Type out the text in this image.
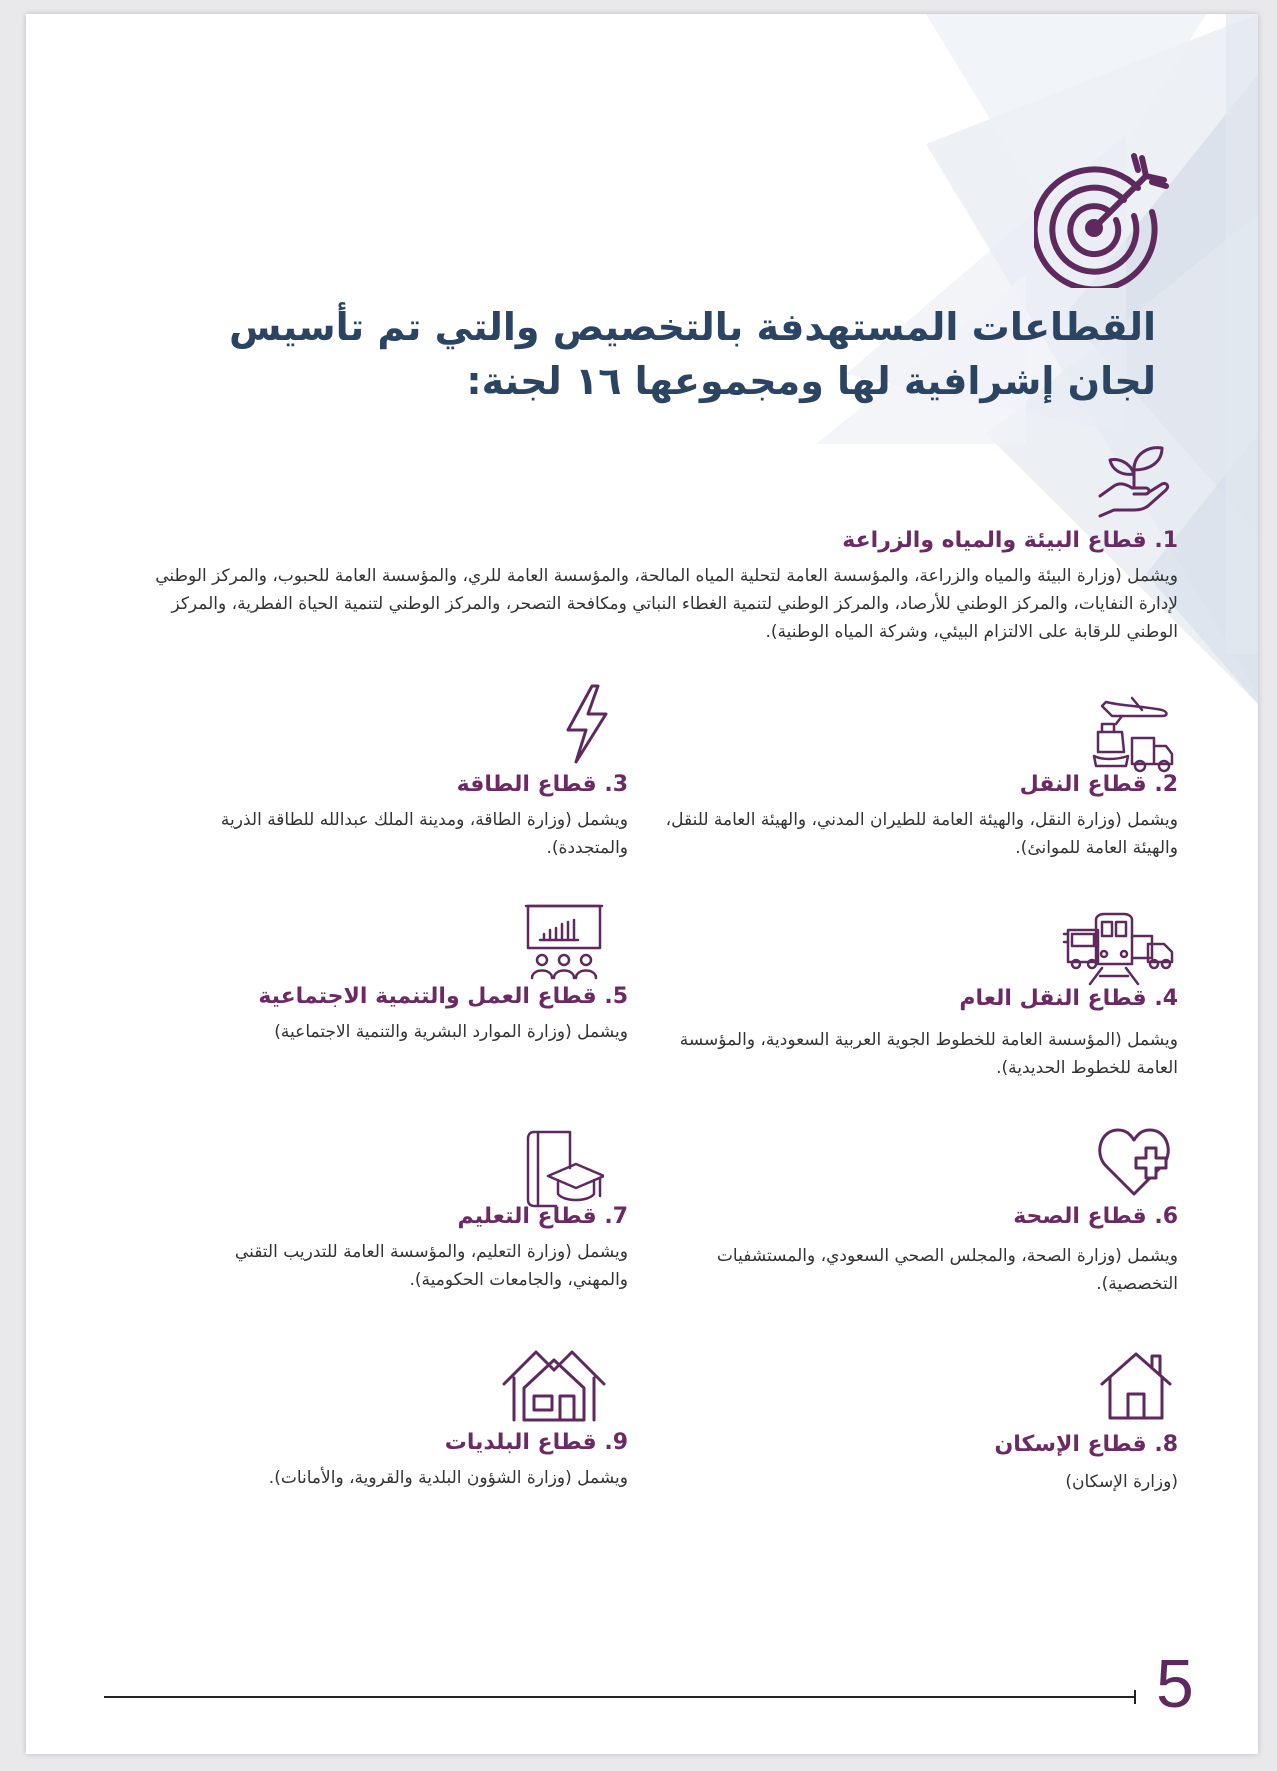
القطاعات المستهدفة بالتخصيص والتي تم تأسيس لجان إشرافية لها ومجموعها ١٦ لجنة:
1. قطاع البيئة والمياه والزراعة
ويشمل (وزارة البيئة والمياه والزراعة، والمؤسسة العامة لتحلية المياه المالحة، والمؤسسة العامة للري، والمؤسسة العامة للحبوب، والمركز الوطني لإدارة النفايات، والمركز الوطني للأرصاد، والمركز الوطني لتنمية الغطاء النباتي ومكافحة التصحر، والمركز الوطني لتنمية الحياة الفطرية، والمركز الوطني للرقابة على الالتزام البيئي، وشركة المياه الوطنية).
3. قطاع الطاقة
ويشمل (وزارة الطاقة، ومدينة الملك عبدالله للطاقة الذرية والمتجددة).
2. قطاع النقل
ويشمل (وزارة النقل، والهيئة العامة للطيران المدني، والهيئة العامة للنقل، والهيئة العامة للموانئ).
5. قطاع العمل والتنمية الاجتماعية
ويشمل (وزارة الموارد البشرية والتنمية الاجتماعية)
4. قطاع النقل العام
ويشمل (المؤسسة العامة للخطوط الجوية العربية السعودية، والمؤسسة العامة للخطوط الحديدية).
7. قطاع التعليم
ويشمل (وزارة التعليم، والمؤسسة العامة للتدريب التقني والمهني، والجامعات الحكومية).
6. قطاع الصحة
ويشمل (وزارة الصحة، والمجلس الصحي السعودي، والمستشفيات التخصصية).
9. قطاع البلديات
ويشمل (وزارة الشؤون البلدية والقروية، والأمانات).
8. قطاع الإسكان
(وزارة الإسكان)
5
